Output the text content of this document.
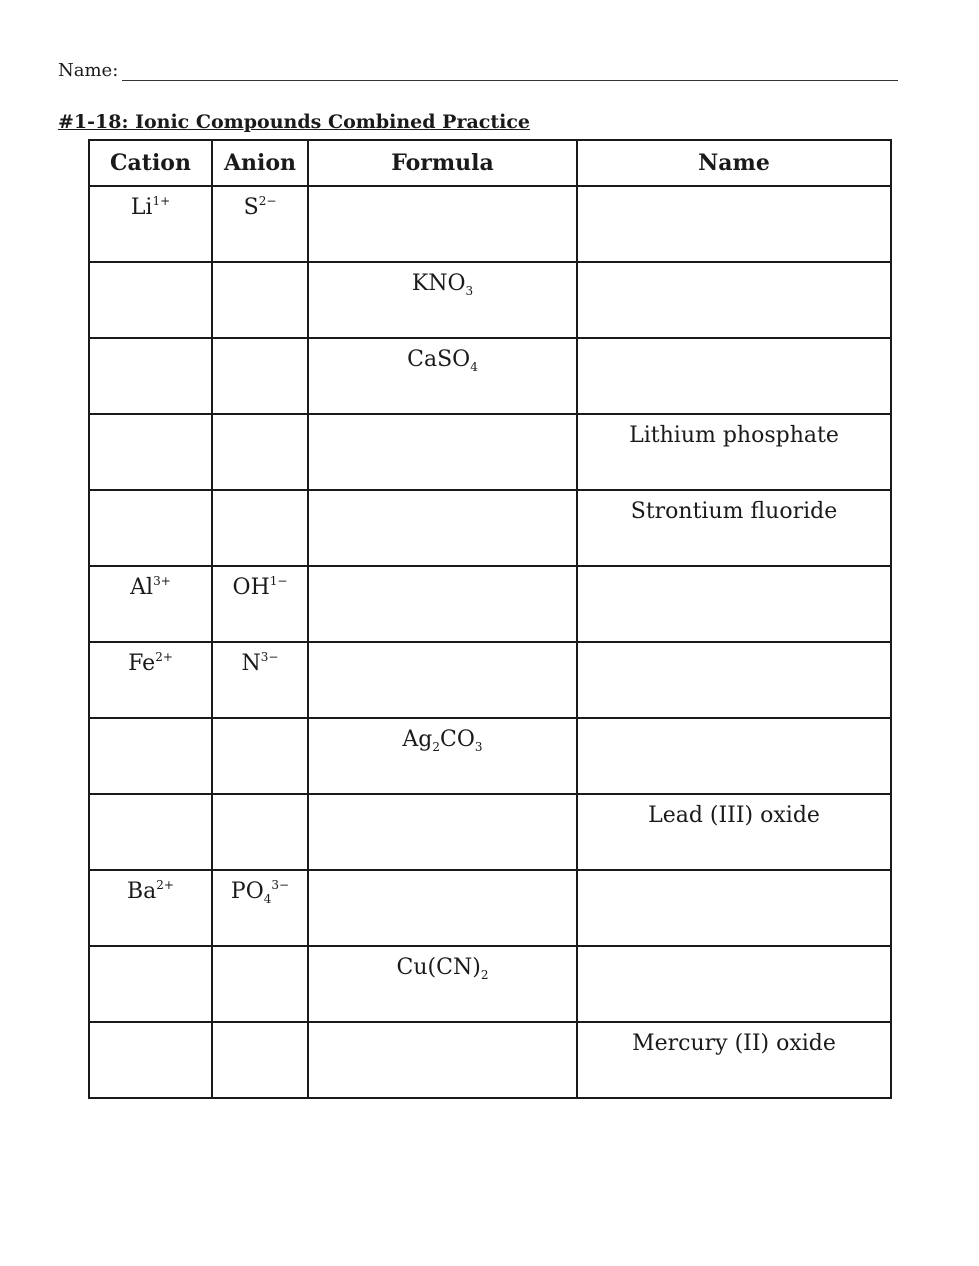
Name:
#1-18: Ionic Compounds Combined Practice
Cation	Anion	Formula	Name
$Li^{1+}$	$S^{2-}$		
		$KNO_3$	
		CaSO$_4$	
			Lithium phosphate
			Strontium fluoride
$Al^{3+}$	$OH^{1-}$		
$Fe^{2+}$	$N^{3-}$		
		$Ag_2CO_3$	
			Lead (III) oxide
$Ba^{2+}$	$PO_4^{3-}$		
		$Cu(CN)_2$	
			Mercury (II) oxide
